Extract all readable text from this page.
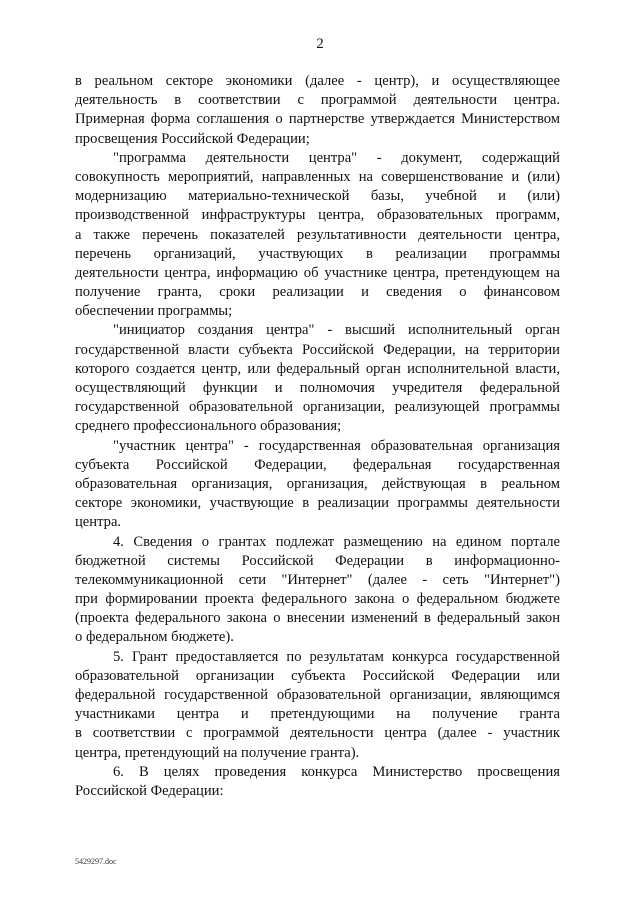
2
в реальном секторе экономики (далее - центр), и осуществляющее
деятельность в соответствии с программой деятельности центра.
Примерная форма соглашения о партнерстве утверждается Министерством
просвещения Российской Федерации;
"программа деятельности центра" - документ, содержащий
совокупность мероприятий, направленных на совершенствование и (или)
модернизацию материально-технической базы, учебной и (или)
производственной инфраструктуры центра, образовательных программ,
а также перечень показателей результативности деятельности центра,
перечень организаций, участвующих в реализации программы
деятельности центра, информацию об участнике центра, претендующем на
получение гранта, сроки реализации и сведения о финансовом
обеспечении программы;
"инициатор создания центра" - высший исполнительный орган
государственной власти субъекта Российской Федерации, на территории
которого создается центр, или федеральный орган исполнительной власти,
осуществляющий функции и полномочия учредителя федеральной
государственной образовательной организации, реализующей программы
среднего профессионального образования;
"участник центра" - государственная образовательная организация
субъекта Российской Федерации, федеральная государственная
образовательная организация, организация, действующая в реальном
секторе экономики, участвующие в реализации программы деятельности
центра.
4. Сведения о грантах подлежат размещению на едином портале
бюджетной системы Российской Федерации в информационно-
телекоммуникационной сети "Интернет" (далее - сеть "Интернет")
при формировании проекта федерального закона о федеральном бюджете
(проекта федерального закона о внесении изменений в федеральный закон
о федеральном бюджете).
5. Грант предоставляется по результатам конкурса государственной
образовательной организации субъекта Российской Федерации или
федеральной государственной образовательной организации, являющимся
участниками центра и претендующими на получение гранта
в соответствии с программой деятельности центра (далее - участник
центра, претендующий на получение гранта).
6. В целях проведения конкурса Министерство просвещения
Российской Федерации:
5429297.doc
